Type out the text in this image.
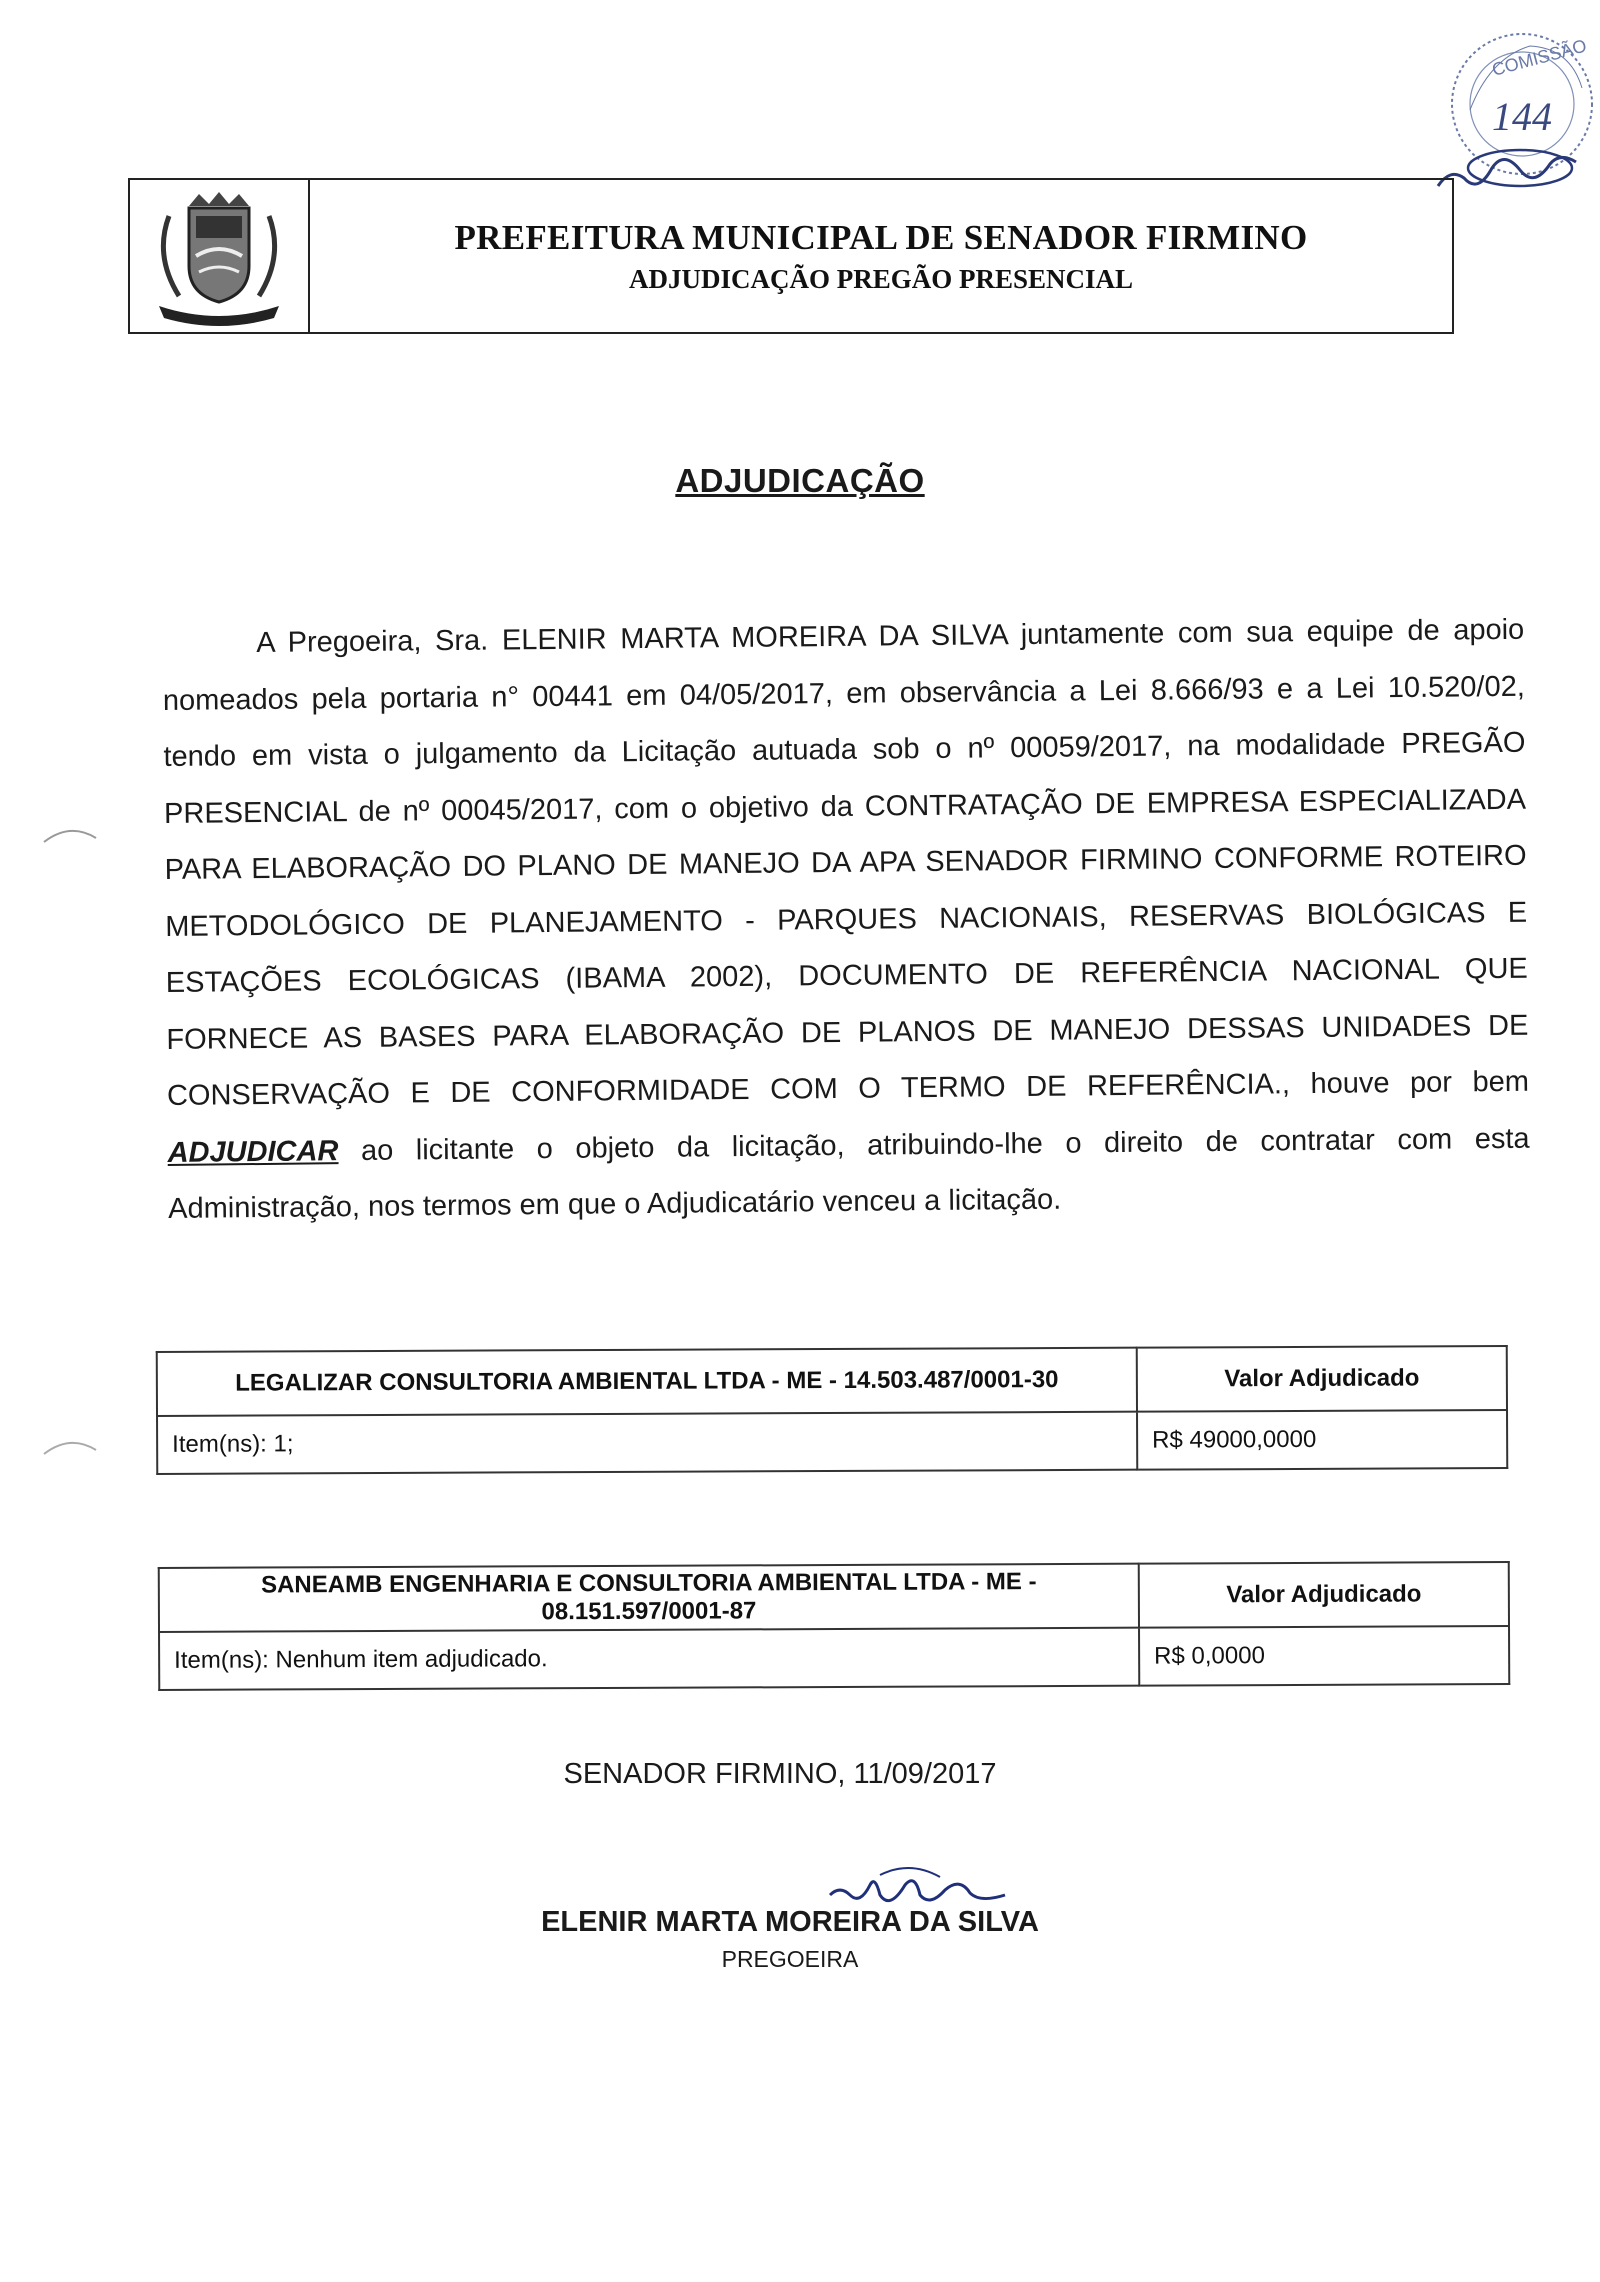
COMISSÃO
144
PREFEITURA MUNICIPAL DE SENADOR FIRMINO
ADJUDICAÇÃO PREGÃO PRESENCIAL
ADJUDICAÇÃO
A Pregoeira, Sra. ELENIR MARTA MOREIRA DA SILVA juntamente com sua equipe de apoio nomeados pela portaria n° 00441 em 04/05/2017, em observância a Lei 8.666/93 e a Lei 10.520/02, tendo em vista o julgamento da Licitação autuada sob o nº 00059/2017, na modalidade PREGÃO PRESENCIAL de nº 00045/2017, com o objetivo da CONTRATAÇÃO DE EMPRESA ESPECIALIZADA PARA ELABORAÇÃO DO PLANO DE MANEJO DA APA SENADOR FIRMINO CONFORME ROTEIRO METODOLÓGICO DE PLANEJAMENTO - PARQUES NACIONAIS, RESERVAS BIOLÓGICAS E ESTAÇÕES ECOLÓGICAS (IBAMA 2002), DOCUMENTO DE REFERÊNCIA NACIONAL QUE FORNECE AS BASES PARA ELABORAÇÃO DE PLANOS DE MANEJO DESSAS UNIDADES DE CONSERVAÇÃO E DE CONFORMIDADE COM O TERMO DE REFERÊNCIA., houve por bem ADJUDICAR ao licitante o objeto da licitação, atribuindo-lhe o direito de contratar com esta Administração, nos termos em que o Adjudicatário venceu a licitação.
LEGALIZAR CONSULTORIA AMBIENTAL LTDA - ME - 14.503.487/0001-30	Valor Adjudicado
Item(ns): 1;	R$ 49000,0000
SANEAMB ENGENHARIA E CONSULTORIA AMBIENTAL LTDA - ME - 08.151.597/0001-87	Valor Adjudicado
Item(ns): Nenhum item adjudicado.	R$ 0,0000
SENADOR FIRMINO, 11/09/2017
ELENIR MARTA MOREIRA DA SILVA
PREGOEIRA
